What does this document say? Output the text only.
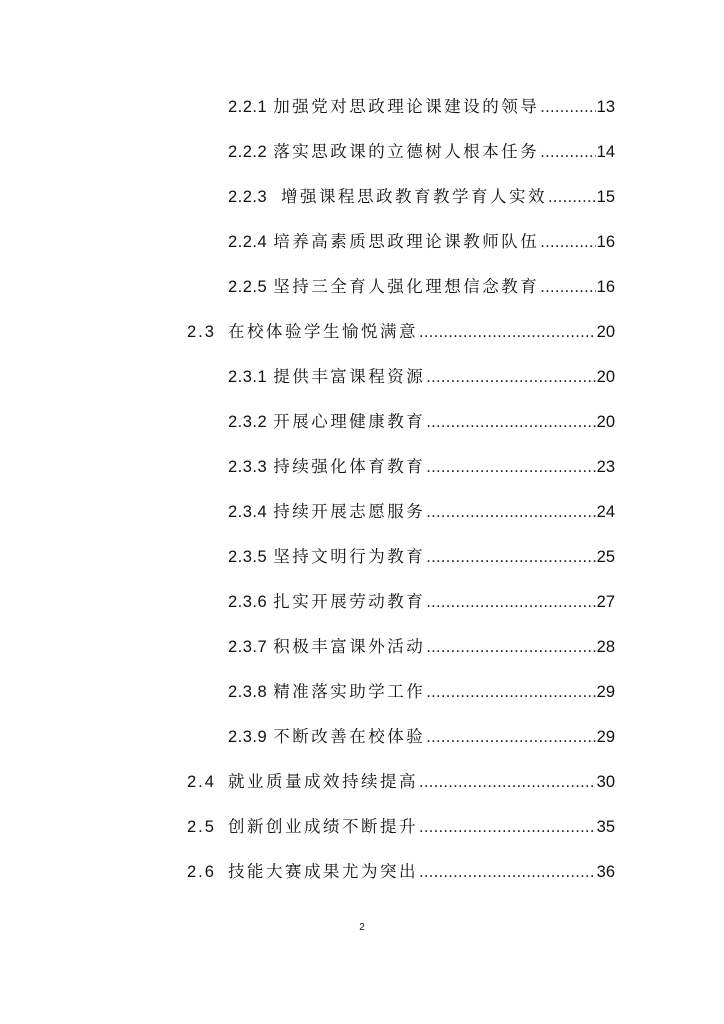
2.2.1 加强党对思政理论课建设的领导 .....	13
2.2.2 落实思政课的立德树人根本任务 .....	14
2.2.3 增强课程思政教育教学育人实效 .....	15
2.2.4 培养高素质思政理论课教师队伍 .....	16
2.2.5 坚持三全育人强化理想信念教育 .....	16
2.3 在校体验学生愉悦满意 .....	20
2.3.1 提供丰富课程资源 .....	20
2.3.2 开展心理健康教育 .....	20
2.3.3 持续强化体育教育 .....	23
2.3.4 持续开展志愿服务 .....	24
2.3.5 坚持文明行为教育 .....	25
2.3.6 扎实开展劳动教育 .....	27
2.3.7 积极丰富课外活动 .....	28
2.3.8 精准落实助学工作 .....	29
2.3.9 不断改善在校体验 .....	29
2.4 就业质量成效持续提高 .....	30
2.5 创新创业成绩不断提升 .....	35
2.6 技能大赛成果尤为突出 .....	36
2
